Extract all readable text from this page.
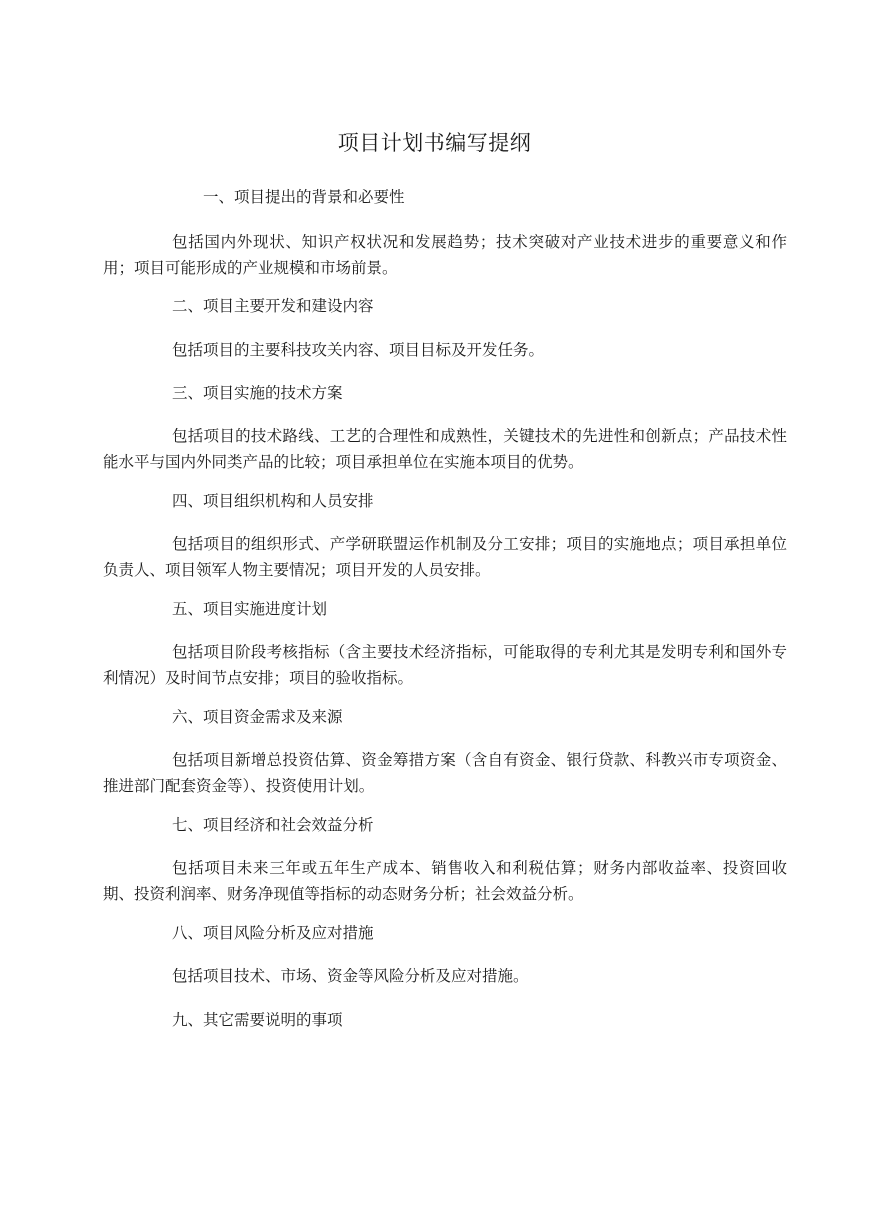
项目计划书编写提纲

一、项目提出的背景和必要性

包括国内外现状、知识产权状况和发展趋势；技术突破对产业技术进步的重要意义和作用；项目可能形成的产业规模和市场前景。

二、项目主要开发和建设内容

包括项目的主要科技攻关内容、项目目标及开发任务。

三、项目实施的技术方案

包括项目的技术路线、工艺的合理性和成熟性，关键技术的先进性和创新点；产品技术性能水平与国内外同类产品的比较；项目承担单位在实施本项目的优势。

四、项目组织机构和人员安排

包括项目的组织形式、产学研联盟运作机制及分工安排；项目的实施地点；项目承担单位负责人、项目领军人物主要情况；项目开发的人员安排。

五、项目实施进度计划

包括项目阶段考核指标（含主要技术经济指标，可能取得的专利尤其是发明专利和国外专利情况）及时间节点安排；项目的验收指标。

六、项目资金需求及来源

包括项目新增总投资估算、资金筹措方案（含自有资金、银行贷款、科教兴市专项资金、推进部门配套资金等）、投资使用计划。

七、项目经济和社会效益分析

包括项目未来三年或五年生产成本、销售收入和利税估算；财务内部收益率、投资回收期、投资利润率、财务净现值等指标的动态财务分析；社会效益分析。

八、项目风险分析及应对措施

包括项目技术、市场、资金等风险分析及应对措施。

九、其它需要说明的事项
